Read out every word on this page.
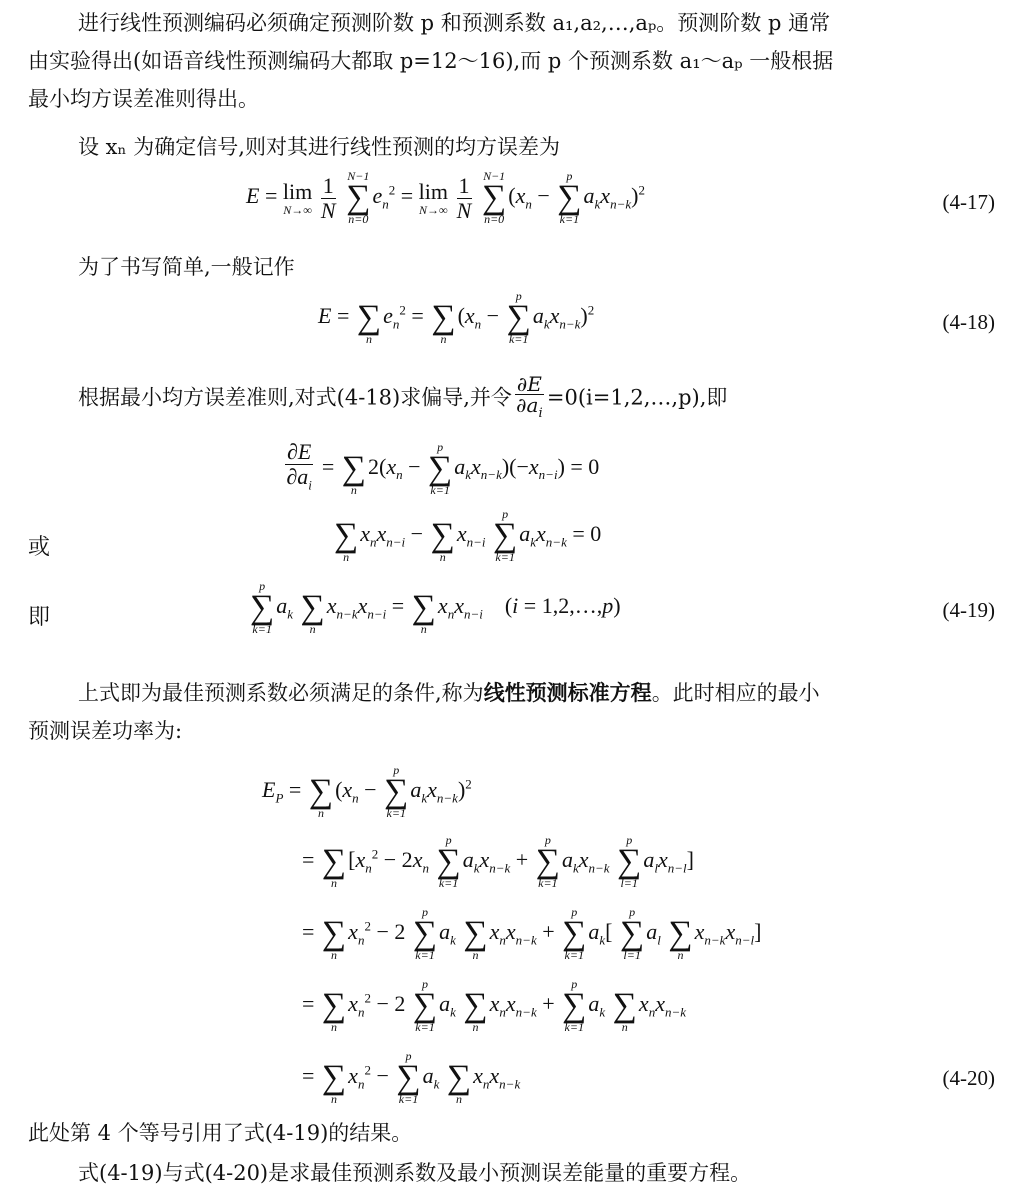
进行线性预测编码必须确定预测阶数 p 和预测系数 a₁,a₂,…,aₚ。预测阶数 p 通常
由实验得出(如语音线性预测编码大都取 p=12～16),而 p 个预测系数 a₁～aₚ 一般根据
最小均方误差准则得出。
设 xₙ 为确定信号,则对其进行线性预测的均方误差为
E = lim
N→∞
$\frac{1}{N}$
N−1
∑
n=0
$e_n^2 = \lim$
N→∞
$\frac{1}{N}$
N−1
∑
n=0
($x_n$ −
p
∑
k=1
$a_kx_{n-k})^2$	(4-17)
为了书写简单,一般记作
E =
∑
n
$e_n^2$ =
∑
n
($x_n$ −
p
∑
k=1
$a_kx_{n-k})^2$	(4-18)
根据最小均方误差准则,对式(4-18)求偏导,并令 $\frac{\partial E}{\partial a_i}$ =0(i=1,2,…,p),即
$\frac{\partial E}{\partial a_i}$ =
∑
n
$2(x_n$ −
p
∑
k=1
$a_kx_{n-k})(-x_{n-i}) = 0$
或
	∑
n
$x_nx_{n-i}$ −
∑
n
$x_{n-i}$
p
∑
k=1
$a_kx_{n-k} = 0$
即
p
∑
k=1
$a_k$
∑
n
$x_{n-k}x_{n-i}$ =
∑
n
$x_nx_{n-i}$    (i = 1,2,…,p)	(4-19)
上式即为最佳预测系数必须满足的条件,称为线性预测标准方程。此时相应的最小
预测误差功率为:
$E_P$ =
∑
n
($x_n$ −
p
∑
k=1
$a_kx_{n-k})^2$
=
∑
n
[$x_n^2 - 2x_n$
p
∑
k=1
$a_kx_{n-k}$ +
p
∑
k=1
$a_kx_{n-k}$
p
∑
l=1
$a_lx_{n-l}$]
=
∑
n
$x_n^2 - 2$
p
∑
k=1
$a_k$
∑
n
$x_nx_{n-k}$ +
p
∑
k=1
$a_k$[
p
∑
l=1
$a_l$
∑
n
$x_{n-k}x_{n-l}$]
=
∑
n
$x_n^2 - 2$
p
∑
k=1
$a_k$
∑
n
$x_nx_{n-k}$ +
p
∑
k=1
$a_k$
∑
n
$x_nx_{n-k}$
=
∑
n
$x_n^2$ −
p
∑
k=1
$a_k$
∑
n
$x_nx_{n-k}$	(4-20)
此处第 4 个等号引用了式(4-19)的结果。
式(4-19)与式(4-20)是求最佳预测系数及最小预测误差能量的重要方程。
